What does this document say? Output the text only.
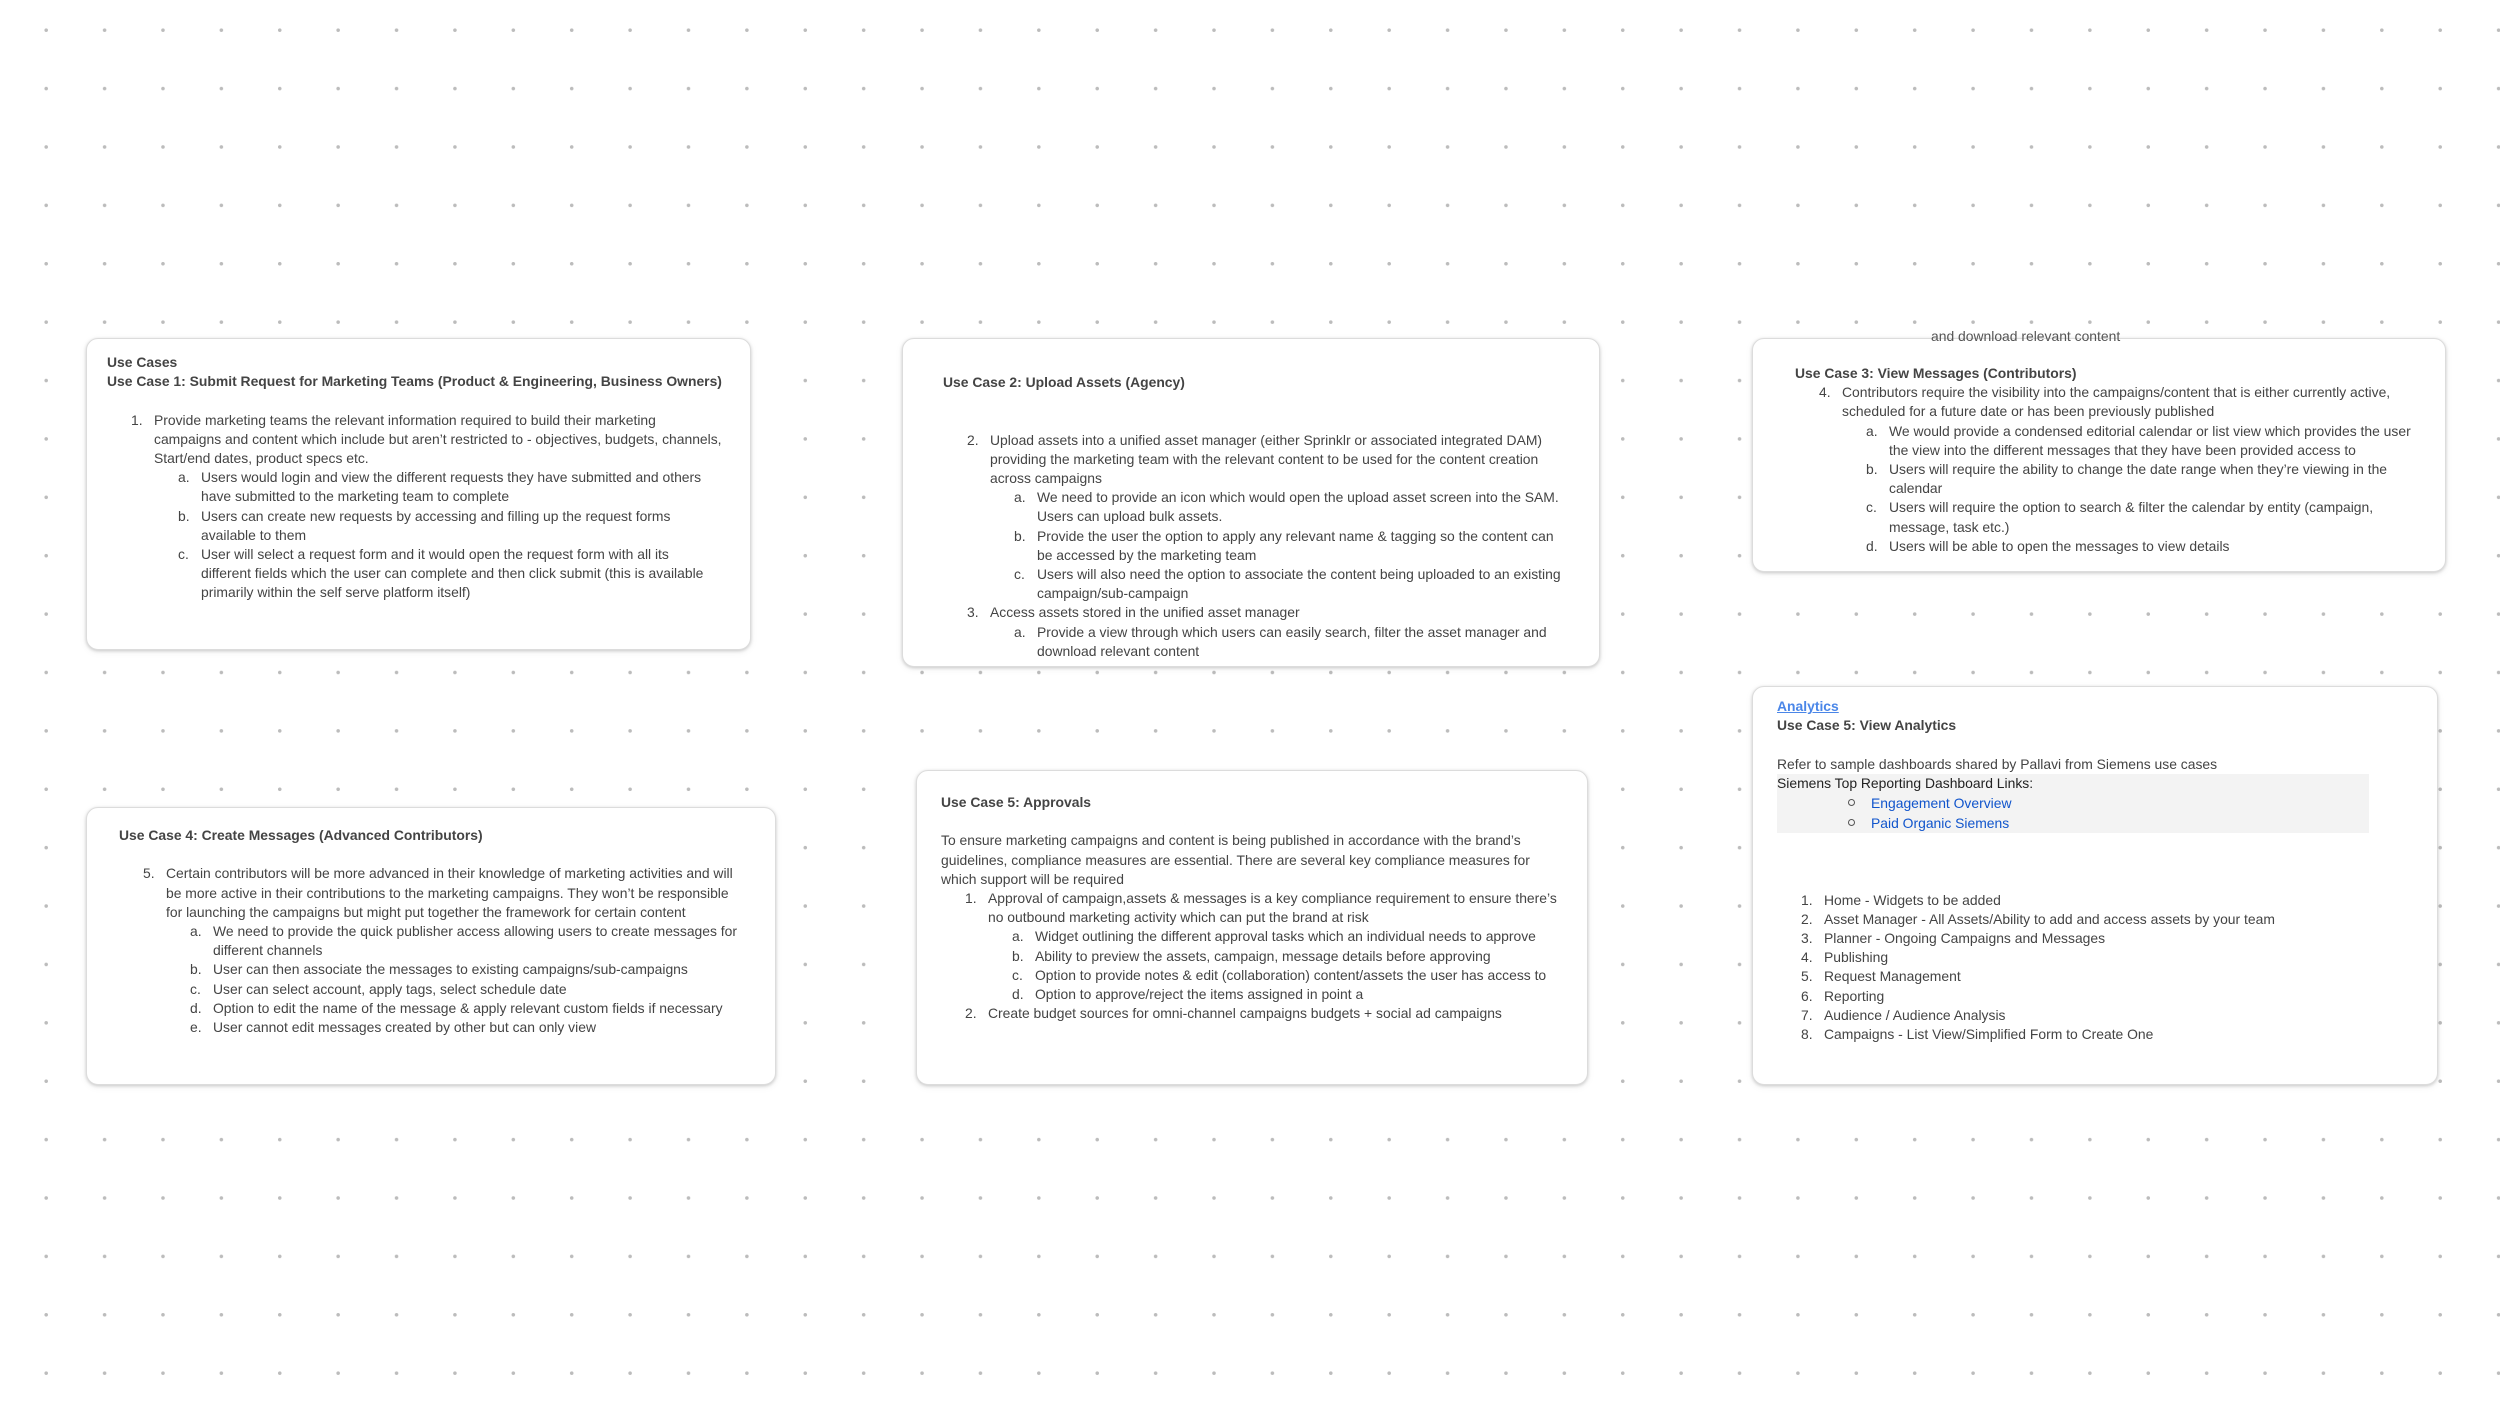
Use Cases
Use Case 1: Submit Request for Marketing Teams (Product & Engineering, Business Owners)
1. Provide marketing teams the relevant information required to build their marketing campaigns and content which include but aren’t restricted to - objectives, budgets, channels, Start/end dates, product specs etc.
a. Users would login and view the different requests they have submitted and others have submitted to the marketing team to complete
b. Users can create new requests by accessing and filling up the request forms available to them
c. User will select a request form and it would open the request form with all its different fields which the user can complete and then click submit (this is available primarily within the self serve platform itself)
Use Case 2: Upload Assets (Agency)
2. Upload assets into a unified asset manager (either Sprinklr or associated integrated DAM) providing the marketing team with the relevant content to be used for the content creation across campaigns
a. We need to provide an icon which would open the upload asset screen into the SAM. Users can upload bulk assets.
b. Provide the user the option to apply any relevant name & tagging so the content can be accessed by the marketing team
c. Users will also need the option to associate the content being uploaded to an existing campaign/sub-campaign
3. Access assets stored in the unified asset manager
a. Provide a view through which users can easily search, filter the asset manager and download relevant content
and download relevant content
Use Case 3: View Messages (Contributors)
4. Contributors require the visibility into the campaigns/content that is either currently active, scheduled for a future date or has been previously published
a. We would provide a condensed editorial calendar or list view which provides the user the view into the different messages that they have been provided access to
b. Users will require the ability to change the date range when they’re viewing in the calendar
c. Users will require the option to search & filter the calendar by entity (campaign, message, task etc.)
d. Users will be able to open the messages to view details
Use Case 4: Create Messages (Advanced Contributors)
5. Certain contributors will be more advanced in their knowledge of marketing activities and will be more active in their contributions to the marketing campaigns. They won’t be responsible for launching the campaigns but might put together the framework for certain content
a. We need to provide the quick publisher access allowing users to create messages for different channels
b. User can then associate the messages to existing campaigns/sub-campaigns
c. User can select account, apply tags, select schedule date
d. Option to edit the name of the message & apply relevant custom fields if necessary
e. User cannot edit messages created by other but can only view
Use Case 5: Approvals
To ensure marketing campaigns and content is being published in accordance with the brand’s guidelines, compliance measures are essential. There are several key compliance measures for which support will be required
1. Approval of campaign,assets & messages is a key compliance requirement to ensure there’s no outbound marketing activity which can put the brand at risk
a. Widget outlining the different approval tasks which an individual needs to approve
b. Ability to preview the assets, campaign, message details before approving
c. Option to provide notes & edit (collaboration) content/assets the user has access to
d. Option to approve/reject the items assigned in point a
2. Create budget sources for omni-channel campaigns budgets + social ad campaigns
Analytics
Use Case 5: View Analytics
Refer to sample dashboards shared by Pallavi from Siemens use cases
Siemens Top Reporting Dashboard Links:
Engagement Overview
Paid Organic Siemens
1. Home - Widgets to be added
2. Asset Manager - All Assets/Ability to add and access assets by your team
3. Planner - Ongoing Campaigns and Messages
4. Publishing
5. Request Management
6. Reporting
7. Audience / Audience Analysis
8. Campaigns - List View/Simplified Form to Create One
